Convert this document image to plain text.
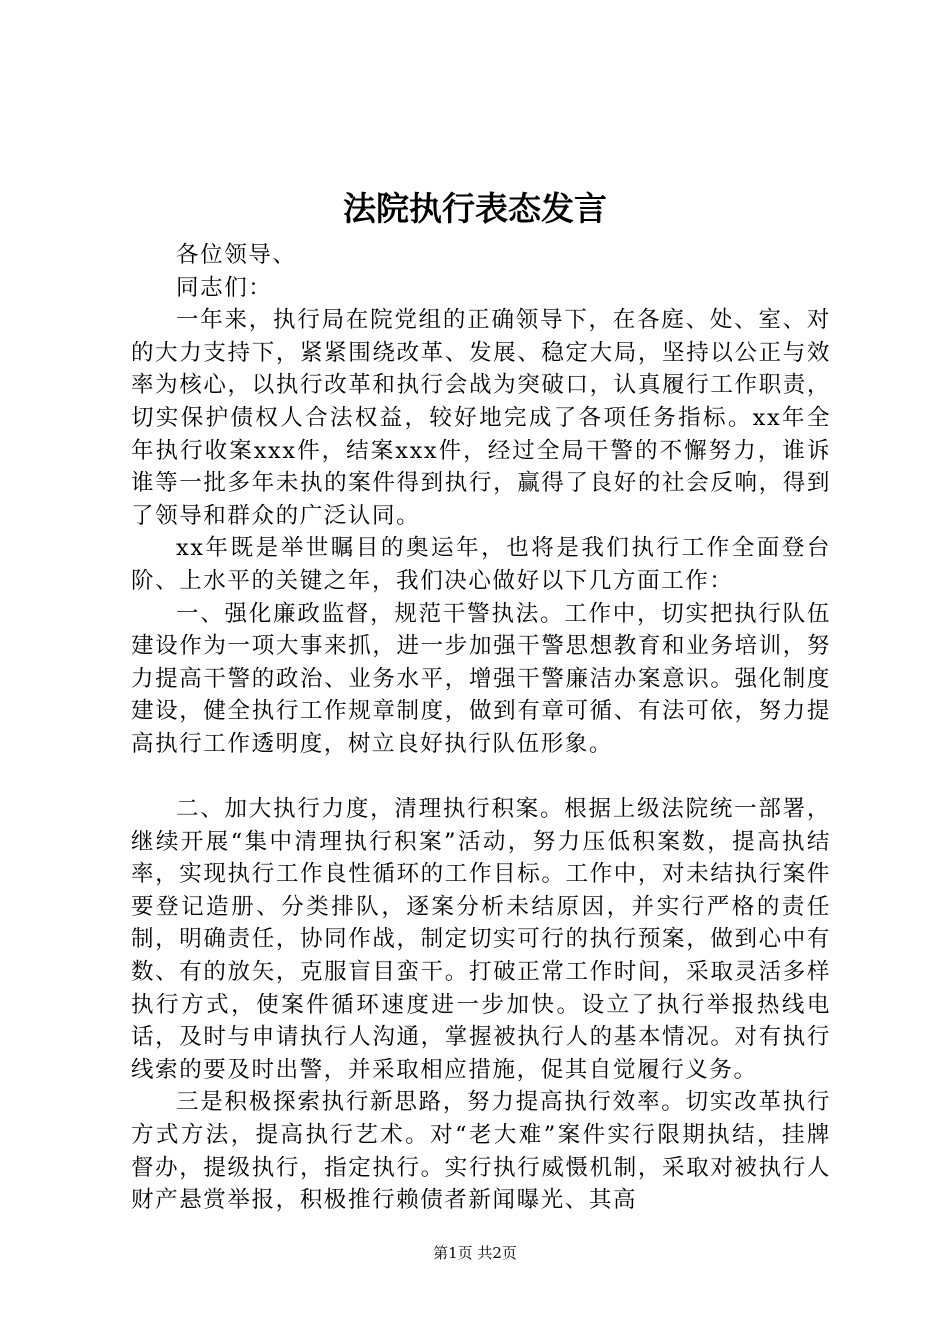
法院执行表态发言

各位领导、

同志们：

一年来，执行局在院党组的正确领导下，在各庭、处、室、对的大力支持下，紧紧围绕改革、发展、稳定大局，坚持以公正与效率为核心，以执行改革和执行会战为突破口，认真履行工作职责，切实保护债权人合法权益，较好地完成了各项任务指标。xx年全年执行收案xxx件，结案xxx件，经过全局干警的不懈努力，谁诉谁等一批多年未执的案件得到执行，赢得了良好的社会反响，得到了领导和群众的广泛认同。

xx年既是举世瞩目的奥运年，也将是我们执行工作全面登台阶、上水平的关键之年，我们决心做好以下几方面工作：

一、强化廉政监督，规范干警执法。工作中，切实把执行队伍建设作为一项大事来抓，进一步加强干警思想教育和业务培训，努力提高干警的政治、业务水平，增强干警廉洁办案意识。强化制度建设，健全执行工作规章制度，做到有章可循、有法可依，努力提高执行工作透明度，树立良好执行队伍形象。

二、加大执行力度，清理执行积案。根据上级法院统一部署，继续开展“集中清理执行积案”活动，努力压低积案数，提高执结率，实现执行工作良性循环的工作目标。工作中，对未结执行案件要登记造册、分类排队，逐案分析未结原因，并实行严格的责任制，明确责任，协同作战，制定切实可行的执行预案，做到心中有数、有的放矢，克服盲目蛮干。打破正常工作时间，采取灵活多样执行方式，使案件循环速度进一步加快。设立了执行举报热线电话，及时与申请执行人沟通，掌握被执行人的基本情况。对有执行线索的要及时出警，并采取相应措施，促其自觉履行义务。

三是积极探索执行新思路，努力提高执行效率。切实改革执行方式方法，提高执行艺术。对“老大难”案件实行限期执结，挂牌督办，提级执行，指定执行。实行执行威慑机制，采取对被执行人财产悬赏举报，积极推行赖债者新闻曝光、其高

第1页 共2页
